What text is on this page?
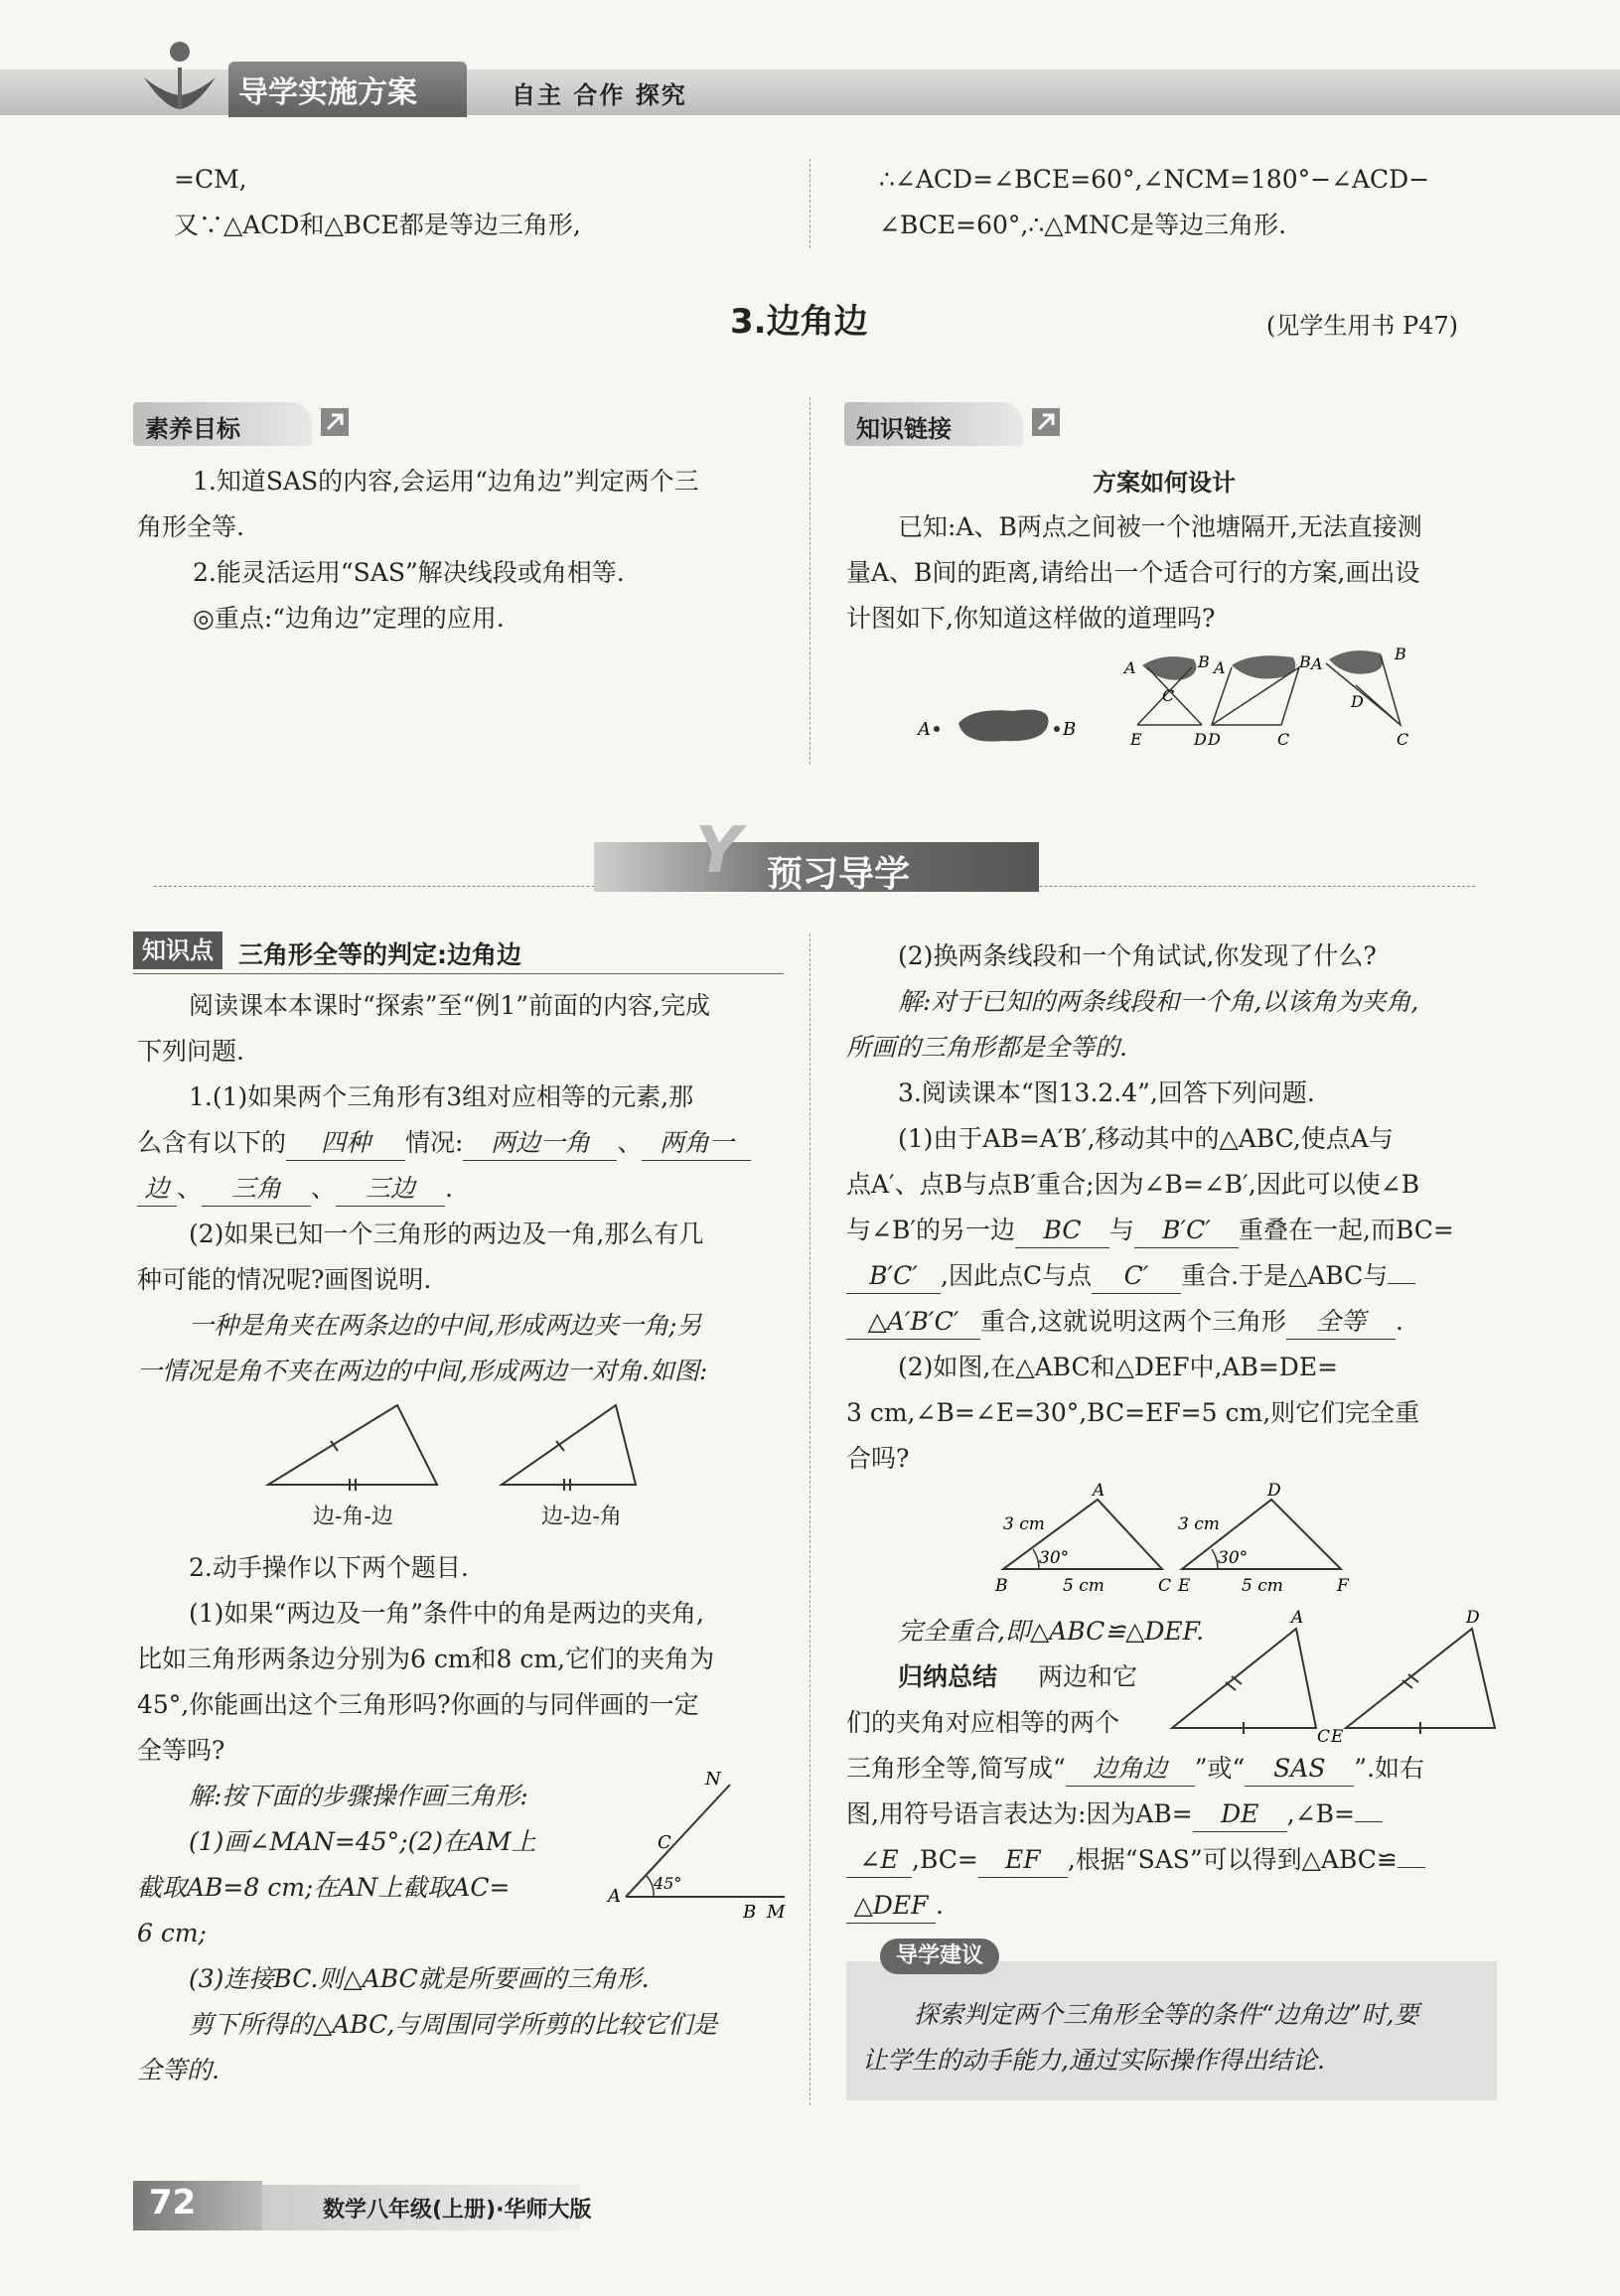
导学实施方案	自主 合作 探究
=CM,
又∵△ACD和△BCE都是等边三角形,
∴∠ACD=∠BCE=60°,∠NCM=180°−∠ACD−
∠BCE=60°,∴△MNC是等边三角形.
3.边角边	(见学生用书 P47)
素养目标
1.知道SAS的内容,会运用“边角边”判定两个三
角形全等.
2.能灵活运用“SAS”解决线段或角相等.
◎重点:“边角边”定理的应用.
知识链接
方案如何设计
已知:A、B两点之间被一个池塘隔开,无法直接测
量A、B间的距离,请给出一个适合可行的方案,画出设
计图如下,你知道这样做的道理吗?
A	B
A	B
C
E	D
A	B
D	C
A
B
D
C
Y 预习导学
知识点	三角形全等的判定:边角边
阅读课本本课时“探索”至“例1”前面的内容,完成
下列问题.
1.(1)如果两个三角形有3组对应相等的元素,那
么含有以下的 四种 情况: 两边一角 、 两角一
边 、 三角 、 三边 .
(2)如果已知一个三角形的两边及一角,那么有几
种可能的情况呢?画图说明.
一种是角夹在两条边的中间,形成两边夹一角;另
一情况是角不夹在两边的中间,形成两边一对角.如图:
边-角-边	边-边-角
2.动手操作以下两个题目.
(1)如果“两边及一角”条件中的角是两边的夹角,
比如三角形两条边分别为6 cm和8 cm,它们的夹角为
45°,你能画出这个三角形吗?你画的与同伴画的一定
全等吗?
解:按下面的步骤操作画三角形:
(1)画∠MAN=45°;(2)在AM上
截取AB=8 cm;在AN上截取AC=
6 cm;
45°
A
B M
C
N
(3)连接BC.则△ABC就是所要画的三角形.
剪下所得的△ABC,与周围同学所剪的比较它们是
全等的.
(2)换两条线段和一个角试试,你发现了什么?
解:对于已知的两条线段和一个角,以该角为夹角,
所画的三角形都是全等的.
3.阅读课本“图13.2.4”,回答下列问题.
(1)由于AB=A′B′,移动其中的△ABC,使点A与
点A′、点B与点B′重合;因为∠B=∠B′,因此可以使∠B
与∠B′的另一边 BC 与 B′C′ 重叠在一起,而BC=
B′C′ ,因此点C与点 C′ 重合.于是△ABC与
△A′B′C′ 重合,这就说明这两个三角形 全等 .
(2)如图,在△ABC和△DEF中,AB=DE=
3 cm,∠B=∠E=30°,BC=EF=5 cm,则它们完全重
合吗?
30°
3 cm
5 cm
A
B	C
30°
3 cm
5 cm
D
E	F
完全重合,即△ABC≌△DEF.
归纳总结 两边和它
A
C
D
E
们的夹角对应相等的两个
三角形全等,简写成“ 边角边 ”或“ SAS ”.如右
图,用符号语言表达为:因为AB= DE ,∠B=
∠E ,BC= EF ,根据“SAS”可以得到△ABC≌
△DEF .
导学建议
探索判定两个三角形全等的条件“边角边”时,要
让学生的动手能力,通过实际操作得出结论.
72	数学八年级(上册)·华师大版
